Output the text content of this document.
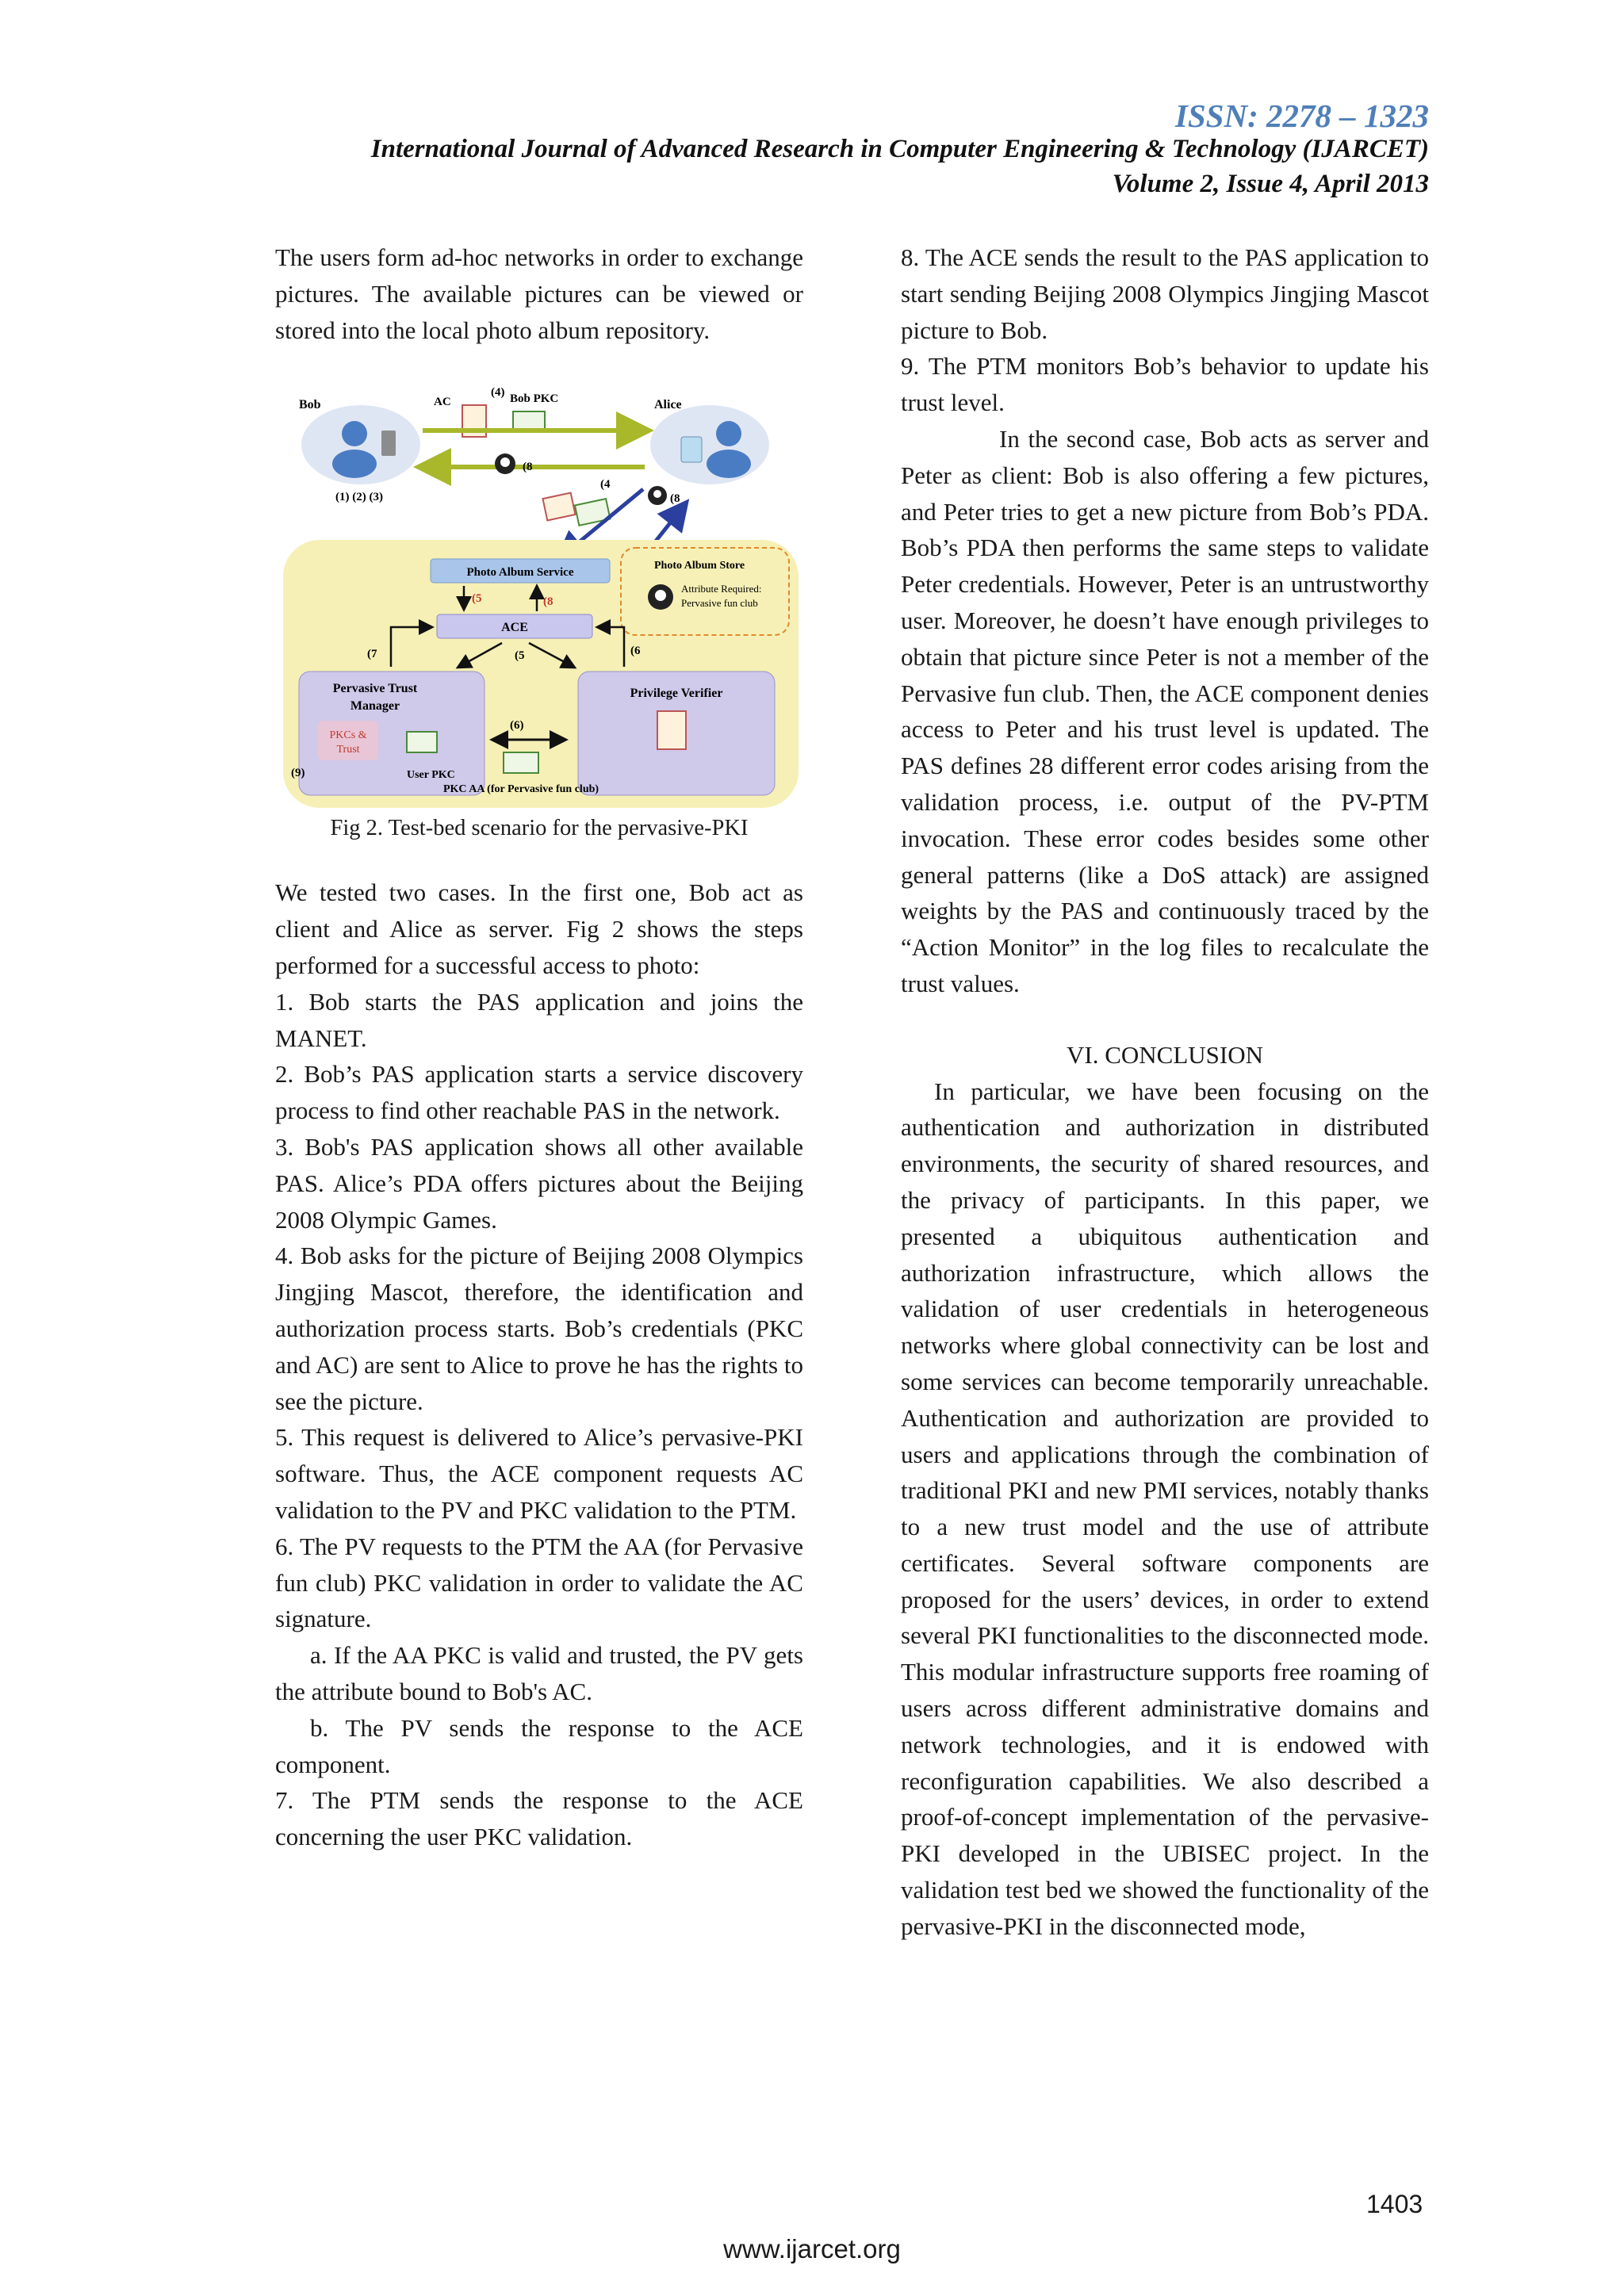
ISSN: 2278 – 1323
International Journal of Advanced Research in Computer Engineering & Technology (IJARCET)
Volume 2, Issue 4, April 2013

The users form ad-hoc networks in order to exchange pictures. The available pictures can be viewed or stored into the local photo album repository.

Bob	Alice
AC
(4) Bob PKC
(8
(1) (2) (3)
(4
(8
Photo Album Service
Photo Album Store
Attribute Required:
Pervasive fun club
(5	(8
ACE
(7	(6
(5
Pervasive Trust
Manager
PKCs &
Trust
(9)	User PKC
Privilege Verifier
(6)
PKC AA (for Pervasive fun club)

Fig 2. Test-bed scenario for the pervasive-PKI

We tested two cases. In the first one, Bob act as client and Alice as server. Fig 2 shows the steps performed for a successful access to photo:

1. Bob starts the PAS application and joins the MANET.

2. Bob’s PAS application starts a service discovery process to find other reachable PAS in the network.

3. Bob's PAS application shows all other available PAS. Alice’s PDA offers pictures about the Beijing 2008 Olympic Games.

4. Bob asks for the picture of Beijing 2008 Olympics Jingjing Mascot, therefore, the identification and authorization process starts. Bob’s credentials (PKC and AC) are sent to Alice to prove he has the rights to see the picture.

5. This request is delivered to Alice’s pervasive-PKI software. Thus, the ACE component requests AC validation to the PV and PKC validation to the PTM.

6. The PV requests to the PTM the AA (for Pervasive fun club) PKC validation in order to validate the AC signature.

a. If the AA PKC is valid and trusted, the PV gets the attribute bound to Bob's AC.

b. The PV sends the response to the ACE component.

7. The PTM sends the response to the ACE concerning the user PKC validation.

8. The ACE sends the result to the PAS application to start sending Beijing 2008 Olympics Jingjing Mascot picture to Bob.

9. The PTM monitors Bob’s behavior to update his trust level.

In the second case, Bob acts as server and Peter as client: Bob is also offering a few pictures, and Peter tries to get a new picture from Bob’s PDA. Bob’s PDA then performs the same steps to validate Peter credentials. However, Peter is an untrustworthy user. Moreover, he doesn’t have enough privileges to obtain that picture since Peter is not a member of the Pervasive fun club. Then, the ACE component denies access to Peter and his trust level is updated. The PAS defines 28 different error codes arising from the validation process, i.e. output of the PV-PTM invocation. These error codes besides some other general patterns (like a DoS attack) are assigned weights by the PAS and continuously traced by the “Action Monitor” in the log files to recalculate the trust values.

VI. CONCLUSION

In particular, we have been focusing on the authentication and authorization in distributed environments, the security of shared resources, and the privacy of participants. In this paper, we presented a ubiquitous authentication and authorization infrastructure, which allows the validation of user credentials in heterogeneous networks where global connectivity can be lost and some services can become temporarily unreachable. Authentication and authorization are provided to users and applications through the combination of traditional PKI and new PMI services, notably thanks to a new trust model and the use of attribute certificates. Several software components are proposed for the users’ devices, in order to extend several PKI functionalities to the disconnected mode. This modular infrastructure supports free roaming of users across different administrative domains and network technologies, and it is endowed with reconfiguration capabilities. We also described a proof-of-concept implementation of the pervasive-PKI developed in the UBISEC project. In the validation test bed we showed the functionality of the pervasive-PKI in the disconnected mode,

1403
www.ijarcet.org
